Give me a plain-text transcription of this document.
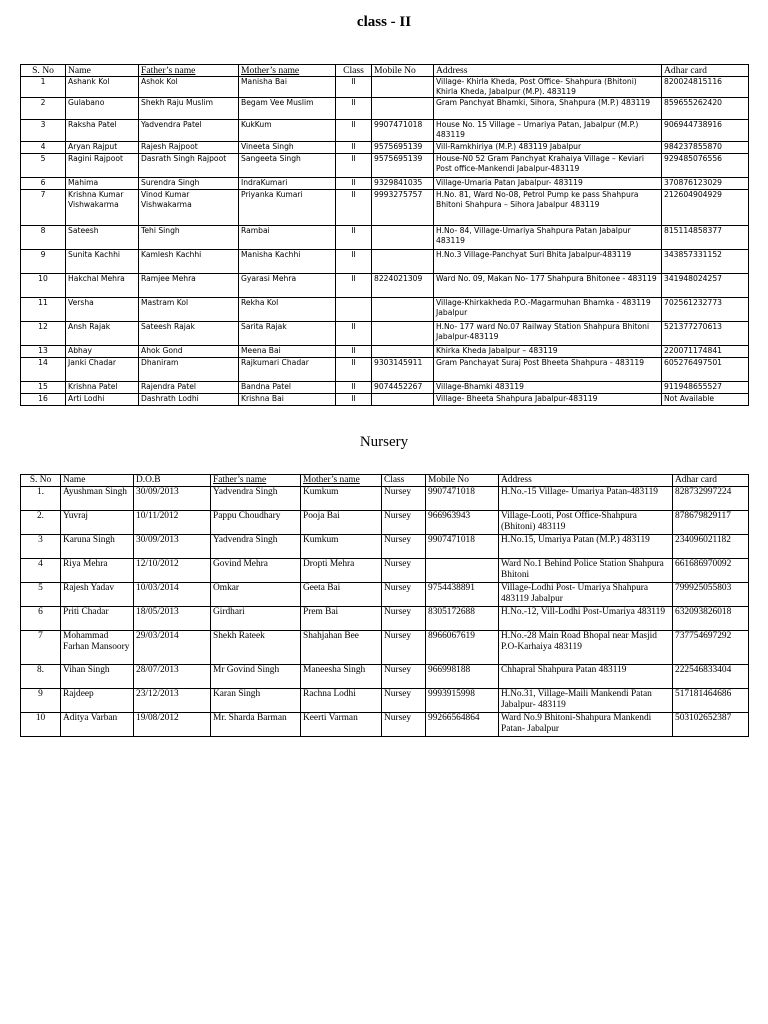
class - II
S. No	Name	Father’s name	Mother’s name	Class	Mobile No	Address	Adhar card
1	Ashank Kol	Ashok Kol	Manisha Bai	II		Village- Khirla Kheda, Post Office- Shahpura (Bhitoni) Khirla Kheda, Jabalpur (M.P). 483119	820024815116
2	Gulabano	Shekh Raju Muslim	Begam Vee Muslim	II		Gram Panchyat Bhamki, Sihora, Shahpura (M.P.) 483119	859655262420
3	Raksha Patel	Yadvendra Patel	KukKum	II	9907471018	House No. 15 Village – Umariya Patan, Jabalpur (M.P.) 483119	906944738916
4	Aryan Rajput	Rajesh Rajpoot	Vineeta Singh	II	9575695139	Vill-Ramkhiriya (M.P.) 483119 Jabalpur	984237855870
5	Ragini Rajpoot	Dasrath Singh Rajpoot	Sangeeta Singh	II	9575695139	House-N0 52 Gram Panchyat Krahaiya Village – Keviari Post office-Mankendi Jabalpur-483119	929485076556
6	Mahima	Surendra Singh	IndraKumari	II	9329841035	Village-Umaria Patan Jabalpur- 483119	370876123029
7	Krishna Kumar Vishwakarma	Vinod Kumar Vishwakarma	Priyanka Kumari	II	9993275757	H.No. 81, Ward No-08, Petrol Pump ke pass Shahpura Bhitoni Shahpura – Sihora Jabalpur 483119	212604904929
8	Sateesh	Tehi Singh	Rambai	II		H.No- 84, Village-Umariya Shahpura Patan Jabalpur 483119	815114858377
9	Sunita Kachhi	Kamlesh Kachhi	Manisha Kachhi	II		H.No.3 Village-Panchyat Suri Bhita Jabalpur-483119	343857331152
10	Hakchal Mehra	Ramjee Mehra	Gyarasi Mehra	II	8224021309	Ward No. 09, Makan No- 177 Shahpura Bhitonee - 483119	341948024257
11	Versha	Mastram Kol	Rekha Kol			Village-Khirkakheda P.O.-Magarmuhan Bhamka - 483119 Jabalpur	702561232773
12	Ansh Rajak	Sateesh Rajak	Sarita Rajak	II		H.No- 177 ward No.07 Railway Station Shahpura Bhitoni Jabalpur-483119	521377270613
13	Abhay	Ahok Gond	Meena Bai	II		Khirka Kheda Jabalpur – 483119	220071174841
14	Janki Chadar	Dhaniram	Rajkumari Chadar	II	9303145911	Gram Panchayat Suraj Post Bheeta Shahpura - 483119	605276497501
15	Krishna Patel	Rajendra Patel	Bandna Patel	II	9074452267	Village-Bhamki 483119	911948655527
16	Arti Lodhi	Dashrath Lodhi	Krishna Bai	II		Village- Bheeta Shahpura Jabalpur-483119	Not Available
Nursery
S. No	Name	D.O.B	Father’s name	Mother’s name	Class	Mobile No	Address	Adhar card
1.	Ayushman Singh	30/09/2013	Yadvendra Singh	Kumkum	Nursey	9907471018	H.No.-15 Village- Umariya Patan-483119	828732997224
2.	Yuvraj	10/11/2012	Pappu Choudhary	Pooja Bai	Nursey	966963943	Village-Looti, Post Office-Shahpura (Bhitoni) 483119	878679829117
3	Karuna Singh	30/09/2013	Yadvendra Singh	Kumkum	Nursey	9907471018	H.No.15, Umariya Patan (M.P.) 483119	234096021182
4	Riya Mehra	12/10/2012	Govind Mehra	Dropti Mehra	Nursey		Ward No.1 Behind Police Station Shahpura Bhitoni	661686970092
5	Rajesh Yadav	10/03/2014	Omkar	Geeta Bai	Nursey	9754438891	Village-Lodhi Post- Umariya Shahpura 483119 Jabalpur	799925055803
6	Priti Chadar	18/05/2013	Girdhari	Prem Bai	Nursey	8305172688	H.No.-12, Vill-Lodhi Post-Umariya 483119	632093826018
7	Mohammad Farhan Mansoory	29/03/2014	Shekh Rateek	Shahjahan Bee	Nursey	8966067619	H.No.-28 Main Road Bhopal near Masjid P.O-Karhaiya 483119	737754697292
8.	Vihan Singh	28/07/2013	Mr Govind Singh	Maneesha Singh	Nursey	966998188	Chhapral Shahpura Patan 483119	222546833404
9	Rajdeep	23/12/2013	Karan Singh	Rachna Lodhi	Nursey	9993915998	H.No.31, Village-Maili Mankendi Patan Jabalpur- 483119	517181464686
10	Aditya Varban	19/08/2012	Mr. Sharda Barman	Keerti Varman	Nursey	99266564864	Ward No.9 Bhitoni-Shahpura Mankendi Patan- Jabalpur	503102652387
